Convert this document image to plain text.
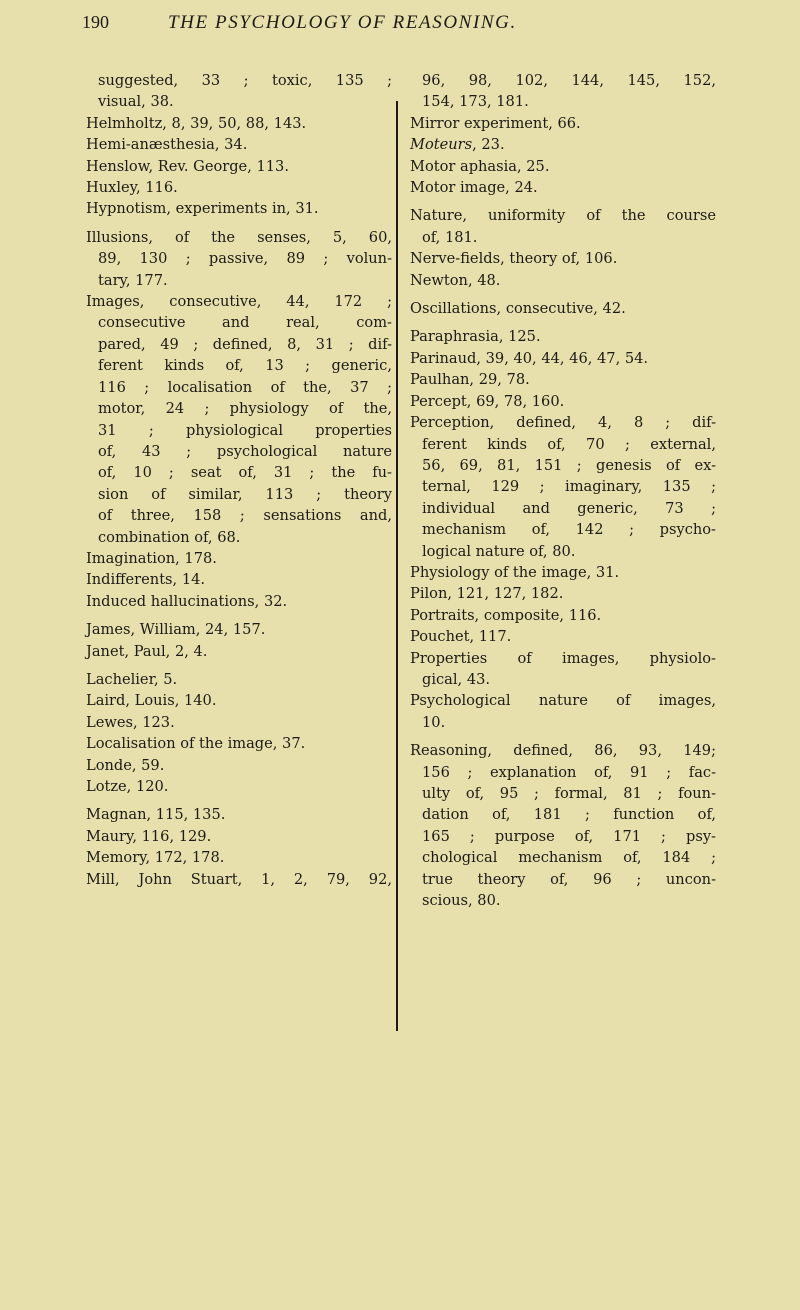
190	THE PSYCHOLOGY OF REASONING.
suggested, 33 ; toxic, 135 ;
visual, 38.
Helmholtz, 8, 39, 50, 88, 143.
Hemi-anæsthesia, 34.
Henslow, Rev. George, 113.
Huxley, 116.
Hypnotism, experiments in, 31.
Illusions, of the senses, 5, 60,
89, 130 ; passive, 89 ; volun-
tary, 177.
Images, consecutive, 44, 172 ;
consecutive and real, com-
pared, 49 ; defined, 8, 31 ; dif-
ferent kinds of, 13 ; generic,
116 ; localisation of the, 37 ;
motor, 24 ; physiology of the,
31 ; physiological properties
of, 43 ; psychological nature
of, 10 ; seat of, 31 ; the fu-
sion of similar, 113 ; theory
of three, 158 ; sensations and,
combination of, 68.
Imagination, 178.
Indifferents, 14.
Induced hallucinations, 32.
James, William, 24, 157.
Janet, Paul, 2, 4.
Lachelier, 5.
Laird, Louis, 140.
Lewes, 123.
Localisation of the image, 37.
Londe, 59.
Lotze, 120.
Magnan, 115, 135.
Maury, 116, 129.
Memory, 172, 178.
Mill, John Stuart, 1, 2, 79, 92,
96, 98, 102, 144, 145, 152,
154, 173, 181.
Mirror experiment, 66.
Moteurs, 23.
Motor aphasia, 25.
Motor image, 24.
Nature, uniformity of the course
of, 181.
Nerve-fields, theory of, 106.
Newton, 48.
Oscillations, consecutive, 42.
Paraphrasia, 125.
Parinaud, 39, 40, 44, 46, 47, 54.
Paulhan, 29, 78.
Percept, 69, 78, 160.
Perception, defined, 4, 8 ; dif-
ferent kinds of, 70 ; external,
56, 69, 81, 151 ; genesis of ex-
ternal, 129 ; imaginary, 135 ;
individual and generic, 73 ;
mechanism of, 142 ; psycho-
logical nature of, 80.
Physiology of the image, 31.
Pilon, 121, 127, 182.
Portraits, composite, 116.
Pouchet, 117.
Properties of images, physiolo-
gical, 43.
Psychological nature of images,
10.
Reasoning, defined, 86, 93, 149;
156 ; explanation of, 91 ; fac-
ulty of, 95 ; formal, 81 ; foun-
dation of, 181 ; function of,
165 ; purpose of, 171 ; psy-
chological mechanism of, 184 ;
true theory of, 96 ; uncon-
scious, 80.
